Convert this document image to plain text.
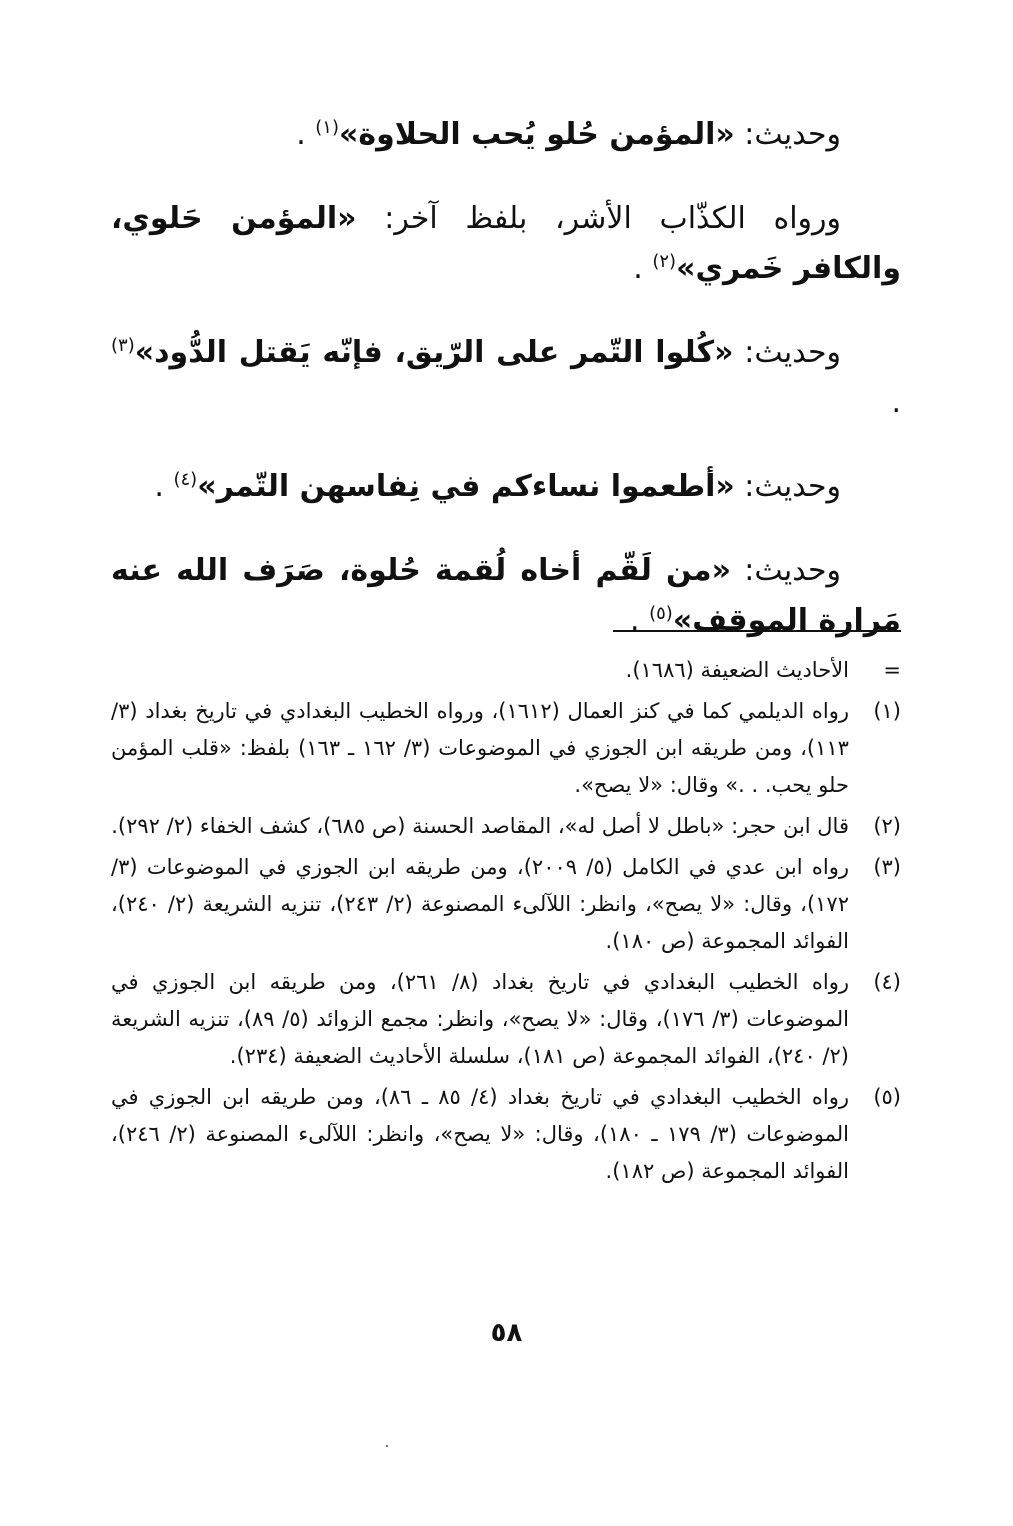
وحديث: «المؤمن حُلو يُحب الحلاوة»$^{(١)}$ .

ورواه الكذّاب الأشر، بلفظ آخر: «المؤمن حَلوي، والكافر خَمري»$^{(٢)}$ .

وحديث: «كُلوا التّمر على الرّيق، فإنّه يَقتل الدُّود»$^{(٣)}$ .

وحديث: «أطعموا نساءكم في نِفاسهن التّمر»$^{(٤)}$ .

وحديث: «من لَقّم أخاه لُقمة حُلوة، صَرَف الله عنه مَرارة الموقف»$^{(٥)}$ .

=
الأحاديث الضعيفة (١٦٨٦).
(١)
رواه الديلمي كما في كنز العمال (١٦١٢)، ورواه الخطيب البغدادي في تاريخ بغداد (٣/ ١١٣)، ومن طريقه ابن الجوزي في الموضوعات (٣/ ١٦٢ ـ ١٦٣) بلفظ: «قلب المؤمن حلو يحب. . .» وقال: «لا يصح».
(٢)
قال ابن حجر: «باطل لا أصل له»، المقاصد الحسنة (ص ٦٨٥)، كشف الخفاء (٢/ ٢٩٢).
(٣)
رواه ابن عدي في الكامل (٥/ ٢٠٠٩)، ومن طريقه ابن الجوزي في الموضوعات (٣/ ١٧٢)، وقال: «لا يصح»، وانظر: اللآلىء المصنوعة (٢/ ٢٤٣)، تنزيه الشريعة (٢/ ٢٤٠)، الفوائد المجموعة (ص ١٨٠).
(٤)
رواه الخطيب البغدادي في تاريخ بغداد (٨/ ٢٦١)، ومن طريقه ابن الجوزي في الموضوعات (٣/ ١٧٦)، وقال: «لا يصح»، وانظر: مجمع الزوائد (٥/ ٨٩)، تنزيه الشريعة (٢/ ٢٤٠)، الفوائد المجموعة (ص ١٨١)، سلسلة الأحاديث الضعيفة (٢٣٤).
(٥)
رواه الخطيب البغدادي في تاريخ بغداد (٤/ ٨٥ ـ ٨٦)، ومن طريقه ابن الجوزي في الموضوعات (٣/ ١٧٩ ـ ١٨٠)، وقال: «لا يصح»، وانظر: اللآلىء المصنوعة (٢/ ٢٤٦)، الفوائد المجموعة (ص ١٨٢).
٥٨
